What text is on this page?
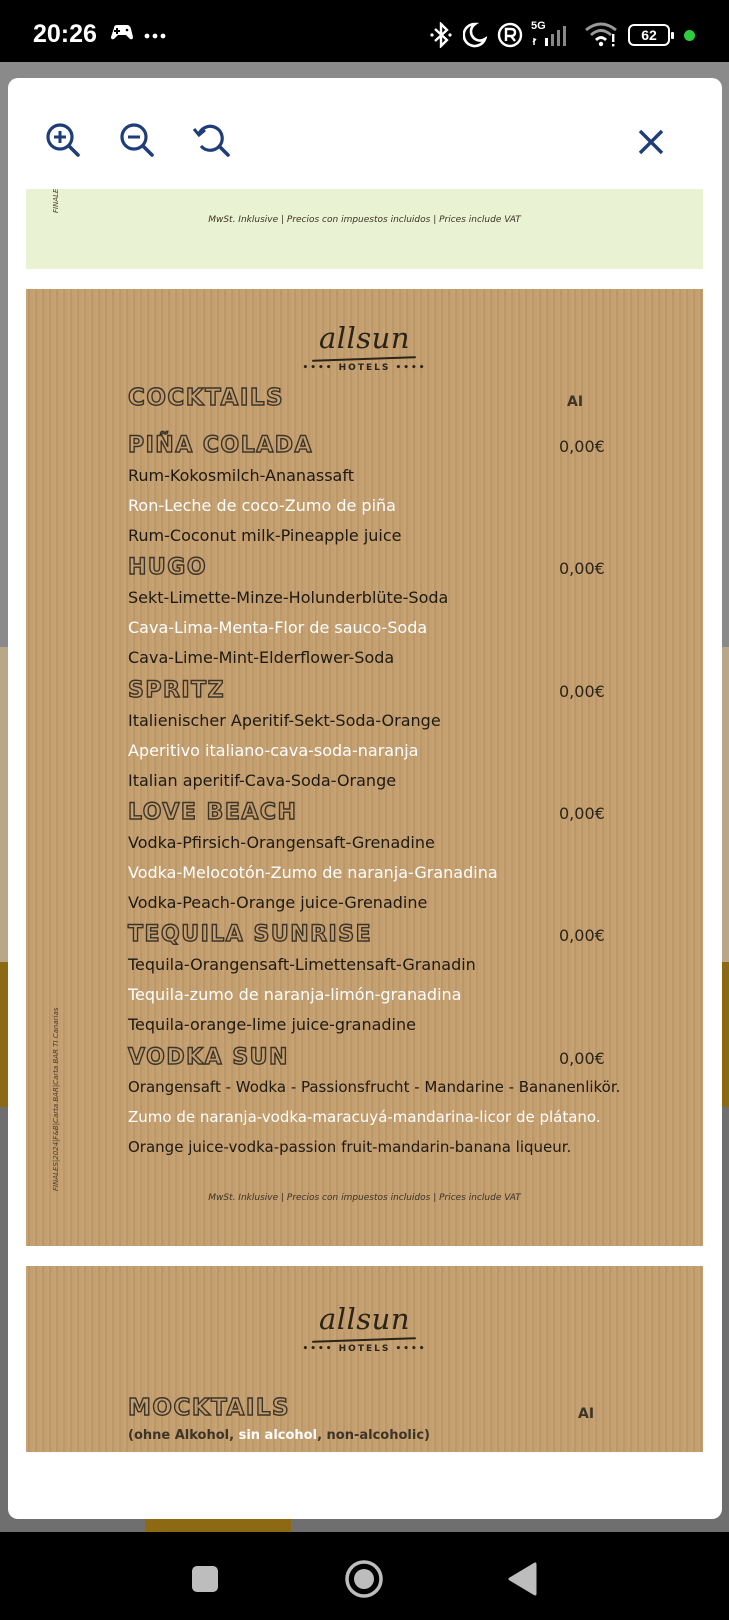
20:26	5G
62
FINALE
MwSt. Inklusive | Precios con impuestos incluidos | Prices include VAT
allsun
•••• HOTELS ••••
COCKTAILS	AI
PIÑA COLADA	0,00€
Rum-Kokosmilch-Ananassaft
Ron-Leche de coco-Zumo de piña
Rum-Coconut milk-Pineapple juice
HUGO	0,00€
Sekt-Limette-Minze-Holunderblüte-Soda
Cava-Lima-Menta-Flor de sauco-Soda
Cava-Lime-Mint-Elderflower-Soda
SPRITZ	0,00€
Italienischer Aperitif-Sekt-Soda-Orange
Aperitivo italiano-cava-soda-naranja
Italian aperitif-Cava-Soda-Orange
LOVE BEACH	0,00€
Vodka-Pfirsich-Orangensaft-Grenadine
Vodka-Melocotón-Zumo de naranja-Granadina
Vodka-Peach-Orange juice-Grenadine
TEQUILA SUNRISE	0,00€
Tequila-Orangensaft-Limettensaft-Granadin
Tequila-zumo de naranja-limón-granadina
Tequila-orange-lime juice-granadine
VODKA SUN	0,00€
Orangensaft - Wodka - Passionsfrucht - Mandarine - Bananenlikör.
Zumo de naranja-vodka-maracuyá-mandarina-licor de plátano.
Orange juice-vodka-passion fruit-mandarin-banana liqueur.
FINALES|2024|F&B|Carta BAR|Carta BAR TI Canarias
MwSt. Inklusive | Precios con impuestos incluidos | Prices include VAT
allsun
•••• HOTELS ••••
MOCKTAILS	AI
(ohne Alkohol, sin alcohol, non-alcoholic)
